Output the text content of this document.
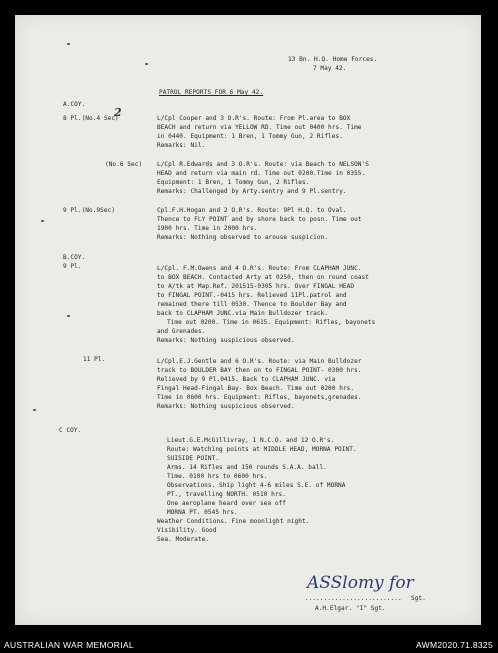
13 Bn. H.Q. Home Forces.
7 May 42.
PATROL REPORTS FOR 6 May 42.
A.COY.
2
8 Pl.(No.4 Sec)	L/Cpl Cooper and 3 O.R's. Route: From Pl.area to BOX
BEACH and return via YELLOW RD. Time out 0400 hrs. Time
in 0440. Equipment: 1 Bren, 1 Tommy Gun, 2 Rifles.
Remarks: Nil.
(No.6 Sec) L/Cpl R.Edwards and 3 O.R's. Route: via Beach to NELSON'S
HEAD and return via main rd. Time out 0200.Time in 0355.
Equipment: 1 Bren, 1 Tommy Gun, 2 Rifles.
Remarks: Challenged by Arty.sentry and 9 Pl.sentry.
9 Pl.(No.9Sec)	Cpl.F.H.Hogan and 2 O.R's. Route: 9Pl H.Q. to Oval.
Thence to FLY POINT and by shore back to posn. Time out
1900 hrs. Time in 2000 hrs.
Remarks: Nothing observed to arouse suspicion.
B.COY.
9 Pl.	L/Cpl. F.M.Owens and 4 O.R's. Route: From CLAPHAM JUNC.
to BOX BEACH. Contacted Arty at 0250, then on round coast
to A/tk at Map.Ref. 201515-0305 hrs. Over FINGAL HEAD
to FINGAL POINT.-0415 hrs. Relieved 11Pl.patrol and
remained there till 0530. Thence to Boulder Bay and
back to CLAPHAM JUNC.via Main Bulldozer track.
Time out 0200. Time in 0615. Equipment: Rifles, bayonets
and Grenades.
Remarks: Nothing suspicious observed.
11 Pl.	L/Cpl.E.J.Gentle and 6 O.R's. Route: via Main Bulldozer
track to BOULDER BAY then on to FINGAL POINT- 0300 hrs.
Relieved by 9 Pl.0415. Back to CLAPHAM JUNC. via
Fingal Head-Fingal Bay- Box Beach. Time out 0200 hrs.
Time in 0600 hrs. Equipment: Rifles, bayonets,grenades.
Remarks: Nothing suspicious observed.
C COY.
Lieut.G.E.McGillivray, 1 N.C.O. and 12 O.R's.
Route: Watching points at MIDDLE HEAD, MORNA POINT.
SUISIDE POINT.
Arms. 14 Rifles and 150 rounds S.A.A. ball.
Time. 0100 hrs to 0600 hrs.
Observations. Ship light 4-6 miles S.E. of MORNA
PT., travelling NORTH. 0510 hrs.
One aeroplane heard over sea off
MORNA PT. 0545 hrs.
Weather Conditions. Fine moonlight night.
Visibility. Good
Sea. Moderate.
ASSlomy for
.......................... Sgt.
A.H.Elgar. "I" Sgt.
AUSTRALIAN WAR MEMORIAL	AWM2020.71.8325
